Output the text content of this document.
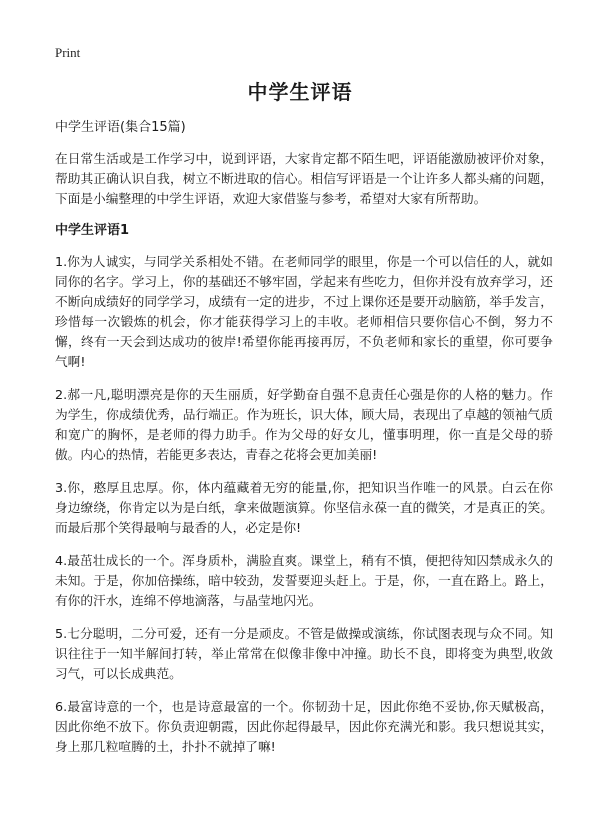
Print
中学生评语

中学生评语(集合15篇)

在日常生活或是工作学习中，说到评语，大家肯定都不陌生吧，评语能激励被评价对象，帮助其正确认识自我，树立不断进取的信心。相信写评语是一个让许多人都头痛的问题，下面是小编整理的中学生评语，欢迎大家借鉴与参考，希望对大家有所帮助。

中学生评语1

1.你为人诚实，与同学关系相处不错。在老师同学的眼里，你是一个可以信任的人，就如同你的名字。学习上，你的基础还不够牢固，学起来有些吃力，但你并没有放弃学习，还不断向成绩好的同学学习，成绩有一定的进步，不过上课你还是要开动脑筋，举手发言，珍惜每一次锻炼的机会，你才能获得学习上的丰收。老师相信只要你信心不倒，努力不懈，终有一天会到达成功的彼岸!希望你能再接再厉，不负老师和家长的重望，你可要争气啊!

2.郝一凡,聪明漂亮是你的天生丽质，好学勤奋自强不息责任心强是你的人格的魅力。作为学生，你成绩优秀，品行端正。作为班长，识大体，顾大局，表现出了卓越的领袖气质和宽广的胸怀，是老师的得力助手。作为父母的好女儿，懂事明理，你一直是父母的骄傲。内心的热情，若能更多表达，青春之花将会更加美丽!

3.你，憨厚且忠厚。你，体内蕴藏着无穷的能量,你，把知识当作唯一的风景。白云在你身边缭绕，你肯定以为是白纸，拿来做题演算。你坚信永葆一直的微笑，才是真正的笑。而最后那个笑得最响与最香的人，必定是你!

4.最茁壮成长的一个。浑身质朴，满脸直爽。课堂上，稍有不慎，便把待知囚禁成永久的未知。于是，你加倍操练，暗中较劲，发誓要迎头赶上。于是，你，一直在路上。路上，有你的汗水，连绵不停地滴落，与晶莹地闪光。

5.七分聪明，二分可爱，还有一分是顽皮。不管是做操或演练，你试图表现与众不同。知识往往于一知半解间打转，举止常常在似像非像中冲撞。助长不良，即将变为典型,收敛习气，可以长成典范。

6.最富诗意的一个，也是诗意最富的一个。你韧劲十足，因此你绝不妥协,你天赋极高，因此你绝不放下。你负责迎朝霞，因此你起得最早，因此你充满光和影。我只想说其实，身上那几粒喧腾的土，扑扑不就掉了嘛!
